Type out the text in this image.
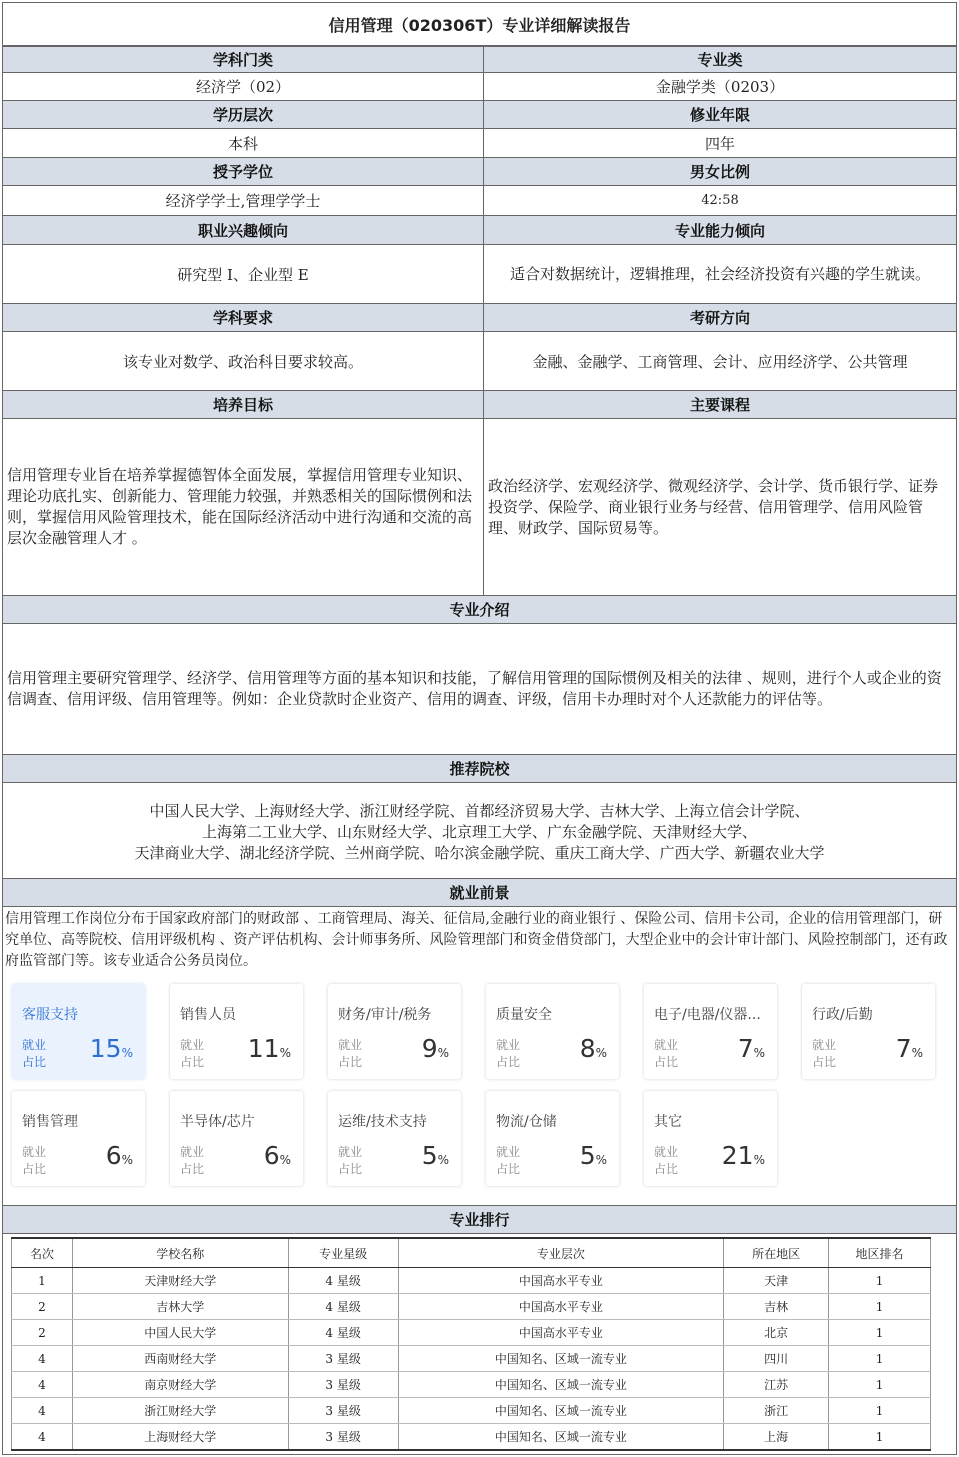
信用管理（020306T）专业详细解读报告
学科门类	专业类
经济学（02）	金融学类（0203）
学历层次	修业年限
本科	四年
授予学位	男女比例
经济学学士,管理学学士	42:58
职业兴趣倾向	专业能力倾向
研究型 I、企业型 E	适合对数据统计，逻辑推理，社会经济投资有兴趣的学生就读。
学科要求	考研方向
该专业对数学、政治科目要求较高。	金融、金融学、工商管理、会计、应用经济学、公共管理
培养目标	主要课程
信用管理专业旨在培养掌握德智体全面发展，掌握信用管理专业知识、理论功底扎实、创新能力、管理能力较强，并熟悉相关的国际惯例和法则，掌握信用风险管理技术，能在国际经济活动中进行沟通和交流的高层次金融管理人才 。
政治经济学、宏观经济学、微观经济学、会计学、货币银行学、证券投资学、保险学、商业银行业务与经营、信用管理学、信用风险管理、财政学、国际贸易等。
专业介绍
信用管理主要研究管理学、经济学、信用管理等方面的基本知识和技能，了解信用管理的国际惯例及相关的法律 、规则，进行个人或企业的资信调查、信用评级、信用管理等。例如：企业贷款时企业资产、信用的调查、评级，信用卡办理时对个人还款能力的评估等。
推荐院校
中国人民大学、上海财经大学、浙江财经学院、首都经济贸易大学、吉林大学、上海立信会计学院、
上海第二工业大学、山东财经大学、北京理工大学、广东金融学院、天津财经大学、
天津商业大学、湖北经济学院、兰州商学院、哈尔滨金融学院、重庆工商大学、广西大学、新疆农业大学
就业前景
信用管理工作岗位分布于国家政府部门的财政部 、工商管理局、海关、征信局,金融行业的商业银行 、保险公司、信用卡公司，企业的信用管理部门，研究单位、高等院校、信用评级机构 、资产评估机构、会计师事务所、风险管理部门和资金借贷部门，大型企业中的会计审计部门、风险控制部门，还有政府监管部门等。该专业适合公务员岗位。
客服支持
就业
占比 15%
销售人员
就业
占比 11%
财务/审计/税务
就业
占比 9%
质量安全
就业
占比 8%
电子/电器/仪器...
就业
占比 7%
行政/后勤
就业
占比 7%
销售管理
就业
占比 6%
半导体/芯片
就业
占比 6%
运维/技术支持
就业
占比 5%
物流/仓储
就业
占比 5%
其它
就业
占比 21%
专业排行
名次	学校名称	专业星级	专业层次	所在地区	地区排名
1	天津财经大学	4 星级	中国高水平专业	天津	1
2	吉林大学	4 星级	中国高水平专业	吉林	1
2	中国人民大学	4 星级	中国高水平专业	北京	1
4	西南财经大学	3 星级	中国知名、区域一流专业	四川	1
4	南京财经大学	3 星级	中国知名、区域一流专业	江苏	1
4	浙江财经大学	3 星级	中国知名、区域一流专业	浙江	1
4	上海财经大学	3 星级	中国知名、区域一流专业	上海	1
